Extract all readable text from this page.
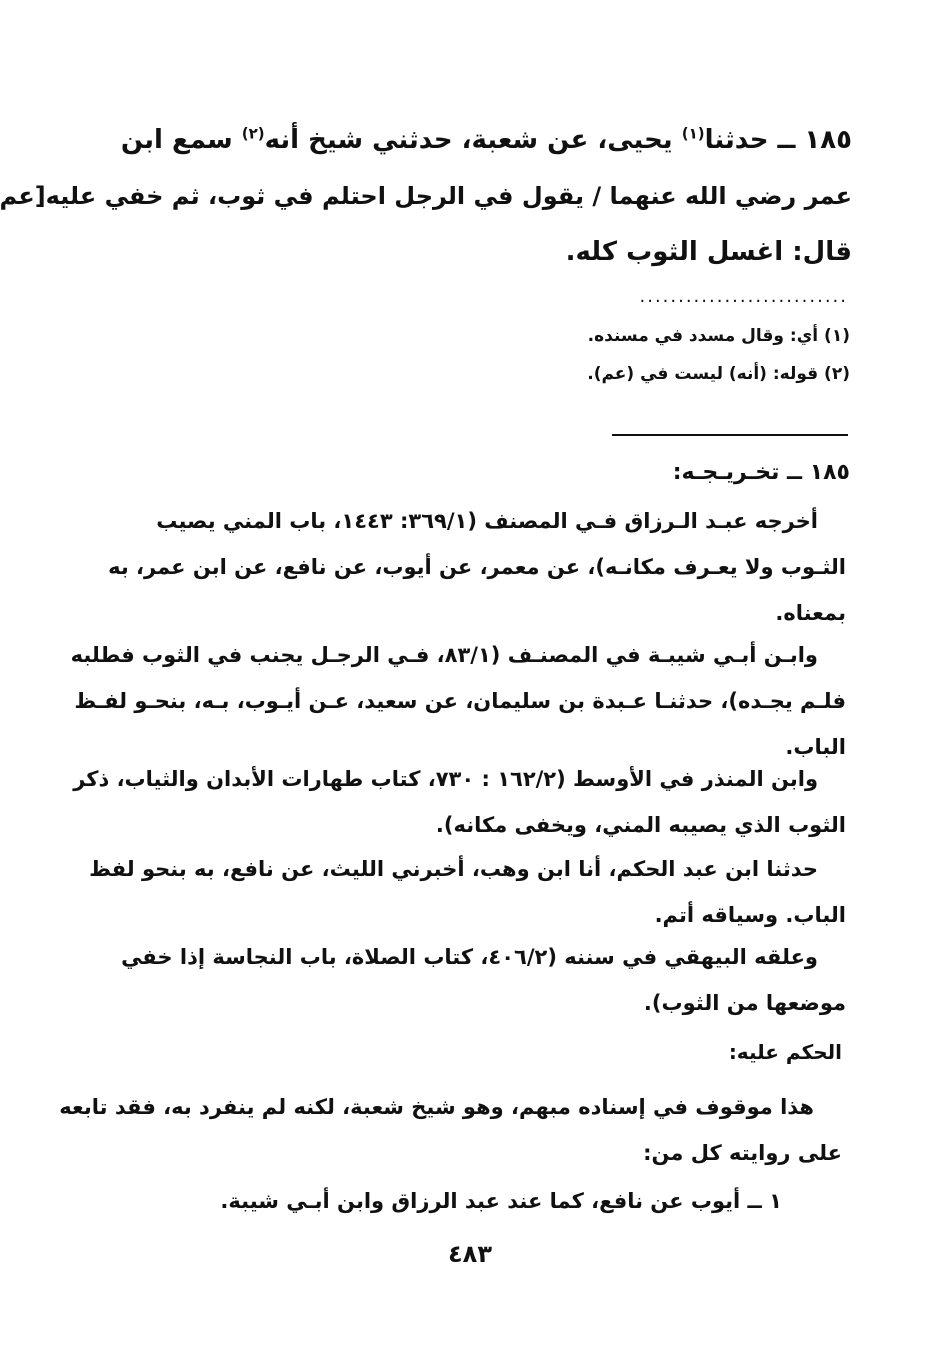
١٨٥ ــ حدثنا$^{(١)}$ يحيى، عن شعبة، حدثني شيخ أنه$^{(٢)}$ سمع ابن
عمر رضي الله عنهما / يقول في الرجل احتلم في ثوب، ثم خفي عليه[عم
قال: اغسل الثوب كله.
...........................
(١) أي: وقال مسدد في مسنده.
(٢) قوله: (أنه) ليست في (عم).
١٨٥ ــ تخـريـجـه:
أخرجه عبـد الـرزاق فـي المصنف (٣٦٩/١: ١٤٤٣، باب المني يصيب
الثـوب ولا يعـرف مكانـه)، عن معمر، عن أيوب، عن نافع، عن ابن عمر، به
بمعناه.
وابـن أبـي شيبـة في المصنـف (٨٣/١، فـي الرجـل يجنب في الثوب فطلبه
فلـم يجـده)، حدثنـا عـبدة بن سليمان، عن سعيد، عـن أيـوب، بـه، بنحـو لفـظ
الباب.
وابن المنذر في الأوسط (١٦٢/٢ : ٧٣٠، كتاب طهارات الأبدان والثياب، ذكر
الثوب الذي يصيبه المني، ويخفى مكانه).
حدثنا ابن عبد الحكم، أنا ابن وهب، أخبرني الليث، عن نافع، به بنحو لفظ
الباب. وسياقه أتم.
وعلقه البيهقي في سننه (٤٠٦/٢، كتاب الصلاة، باب النجاسة إذا خفي
موضعها من الثوب).
الحكم عليه:
هذا موقوف في إسناده مبهم، وهو شيخ شعبة، لكنه لم ينفرد به، فقد تابعه
على روايته كل من:
١ ــ أيوب عن نافع، كما عند عبد الرزاق وابن أبـي شيبة.
٤٨٣
